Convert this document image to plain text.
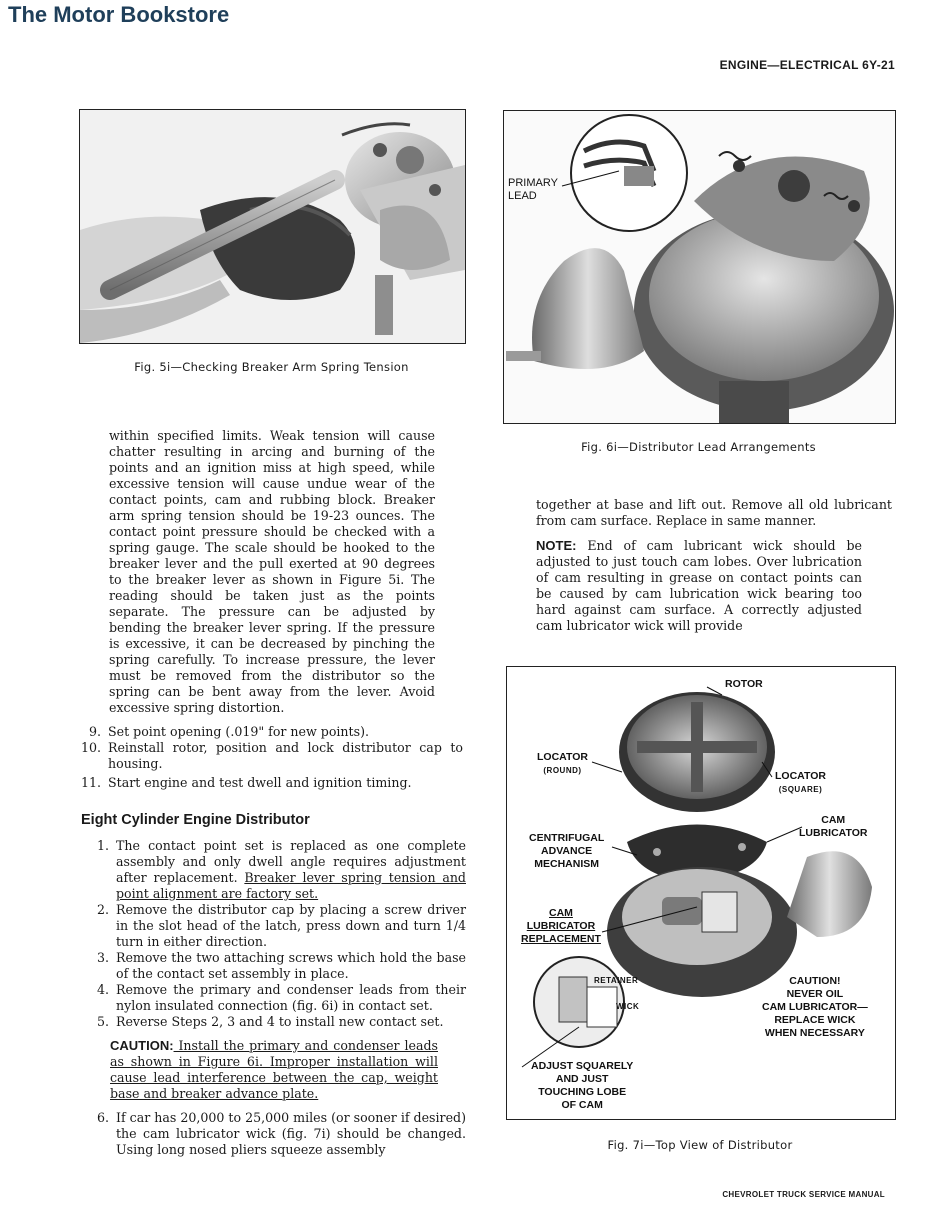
The Motor Bookstore
ENGINE—ELECTRICAL 6Y-21
Fig. 5i—Checking Breaker Arm Spring Tension
PRIMARY
LEAD
Fig. 6i—Distributor Lead Arrangements
within specified limits. Weak tension will cause chatter resulting in arcing and burning of the points and an ignition miss at high speed, while excessive tension will cause undue wear of the contact points, cam and rubbing block. Breaker arm spring tension should be 19-23 ounces. The contact point pressure should be checked with a spring gauge. The scale should be hooked to the breaker lever and the pull exerted at 90 degrees to the breaker lever as shown in Figure 5i. The reading should be taken just as the points separate. The pressure can be adjusted by bending the breaker lever spring. If the pressure is excessive, it can be decreased by pinching the spring carefully. To increase pressure, the lever must be removed from the distributor so the spring can be bent away from the lever. Avoid excessive spring distortion.
9. Set point opening (.019" for new points).
10. Reinstall rotor, position and lock distributor cap to housing.
11. Start engine and test dwell and ignition timing.
Eight Cylinder Engine Distributor
1. The contact point set is replaced as one complete assembly and only dwell angle requires adjustment after replacement. Breaker lever spring tension and point alignment are factory set.
2. Remove the distributor cap by placing a screw driver in the slot head of the latch, press down and turn 1/4 turn in either direction.
3. Remove the two attaching screws which hold the base of the contact set assembly in place.
4. Remove the primary and condenser leads from their nylon insulated connection (fig. 6i) in contact set.
5. Reverse Steps 2, 3 and 4 to install new contact set.
CAUTION: Install the primary and condenser leads as shown in Figure 6i. Improper installation will cause lead interference between the cap, weight base and breaker advance plate.
6. If car has 20,000 to 25,000 miles (or sooner if desired) the cam lubricator wick (fig. 7i) should be changed. Using long nosed pliers squeeze assembly
together at base and lift out. Remove all old lubricant from cam surface. Replace in same manner.
NOTE: End of cam lubricant wick should be adjusted to just touch cam lobes. Over lubrication of cam resulting in grease on contact points can be caused by cam lubrication wick bearing too hard against cam surface. A correctly adjusted cam lubricator wick will provide
ROTOR
LOCATOR
(ROUND)	LOCATOR
(SQUARE)
CAM
LUBRICATOR
CENTRIFUGAL
ADVANCE
MECHANISM
CAM
LUBRICATOR
REPLACEMENT
RETAINER
WICK
CAUTION!
NEVER OIL
CAM LUBRICATOR—
REPLACE WICK
WHEN NECESSARY
ADJUST SQUARELY
AND JUST
TOUCHING LOBE
OF CAM
Fig. 7i—Top View of Distributor
CHEVROLET TRUCK SERVICE MANUAL
